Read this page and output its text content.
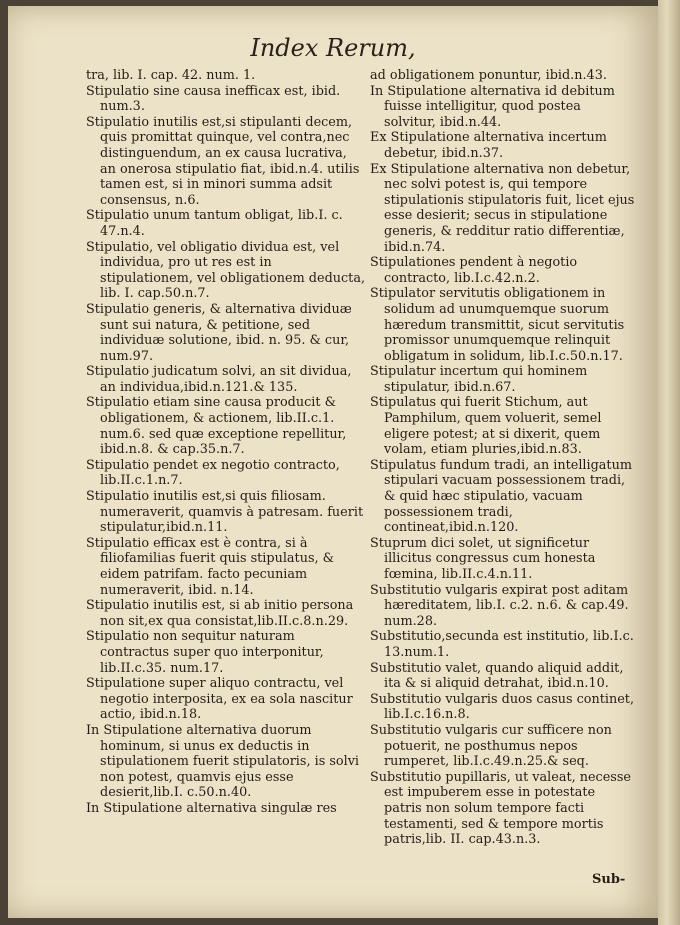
Index Rerum,

tra, lib. I. cap. 42. num. 1.

Stipulatio sine causa inefficax est, ibid. num.3.

Stipulatio inutilis est,si stipulanti decem, quis promittat quinque, vel contra,nec distinguendum, an ex causa lucrativa, an onerosa stipulatio fiat, ibid.n.4. utilis tamen est, si in minori summa adsit consensus, n.6.

Stipulatio unum tantum obligat, lib.I. c. 47.n.4.

Stipulatio, vel obligatio dividua est, vel individua, pro ut res est in stipulationem, vel obligationem deducta, lib. I. cap.50.n.7.

Stipulatio generis, & alternativa dividuæ sunt sui natura, & petitione, sed individuæ solutione, ibid. n. 95. & cur, num.97.

Stipulatio judicatum solvi, an sit dividua, an individua,ibid.n.121.& 135.

Stipulatio etiam sine causa producit & obligationem, & actionem, lib.II.c.1. num.6. sed quæ exceptione repellitur, ibid.n.8. & cap.35.n.7.

Stipulatio pendet ex negotio contracto, lib.II.c.1.n.7.

Stipulatio inutilis est,si quis filiosam. numeraverit, quamvis à patresam. fuerit stipulatur,ibid.n.11.

Stipulatio efficax est è contra, si à filiofamilias fuerit quis stipulatus, & eidem patrifam. facto pecuniam numeraverit, ibid. n.14.

Stipulatio inutilis est, si ab initio persona non sit,ex qua consistat,lib.II.c.8.n.29.

Stipulatio non sequitur naturam contractus super quo interponitur, lib.II.c.35. num.17.

Stipulatione super aliquo contractu, vel negotio interposita, ex ea sola nascitur actio, ibid.n.18.

In Stipulatione alternativa duorum hominum, si unus ex deductis in stipulationem fuerit stipulatoris, is solvi non potest, quamvis ejus esse desierit,lib.I. c.50.n.40.

In Stipulatione alternativa singulæ res

ad obligationem ponuntur, ibid.n.43.

In Stipulatione alternativa id debitum fuisse intelligitur, quod postea solvitur, ibid.n.44.

Ex Stipulatione alternativa incertum debetur, ibid.n.37.

Ex Stipulatione alternativa non debetur, nec solvi potest is, qui tempore stipulationis stipulatoris fuit, licet ejus esse desierit; secus in stipulatione generis, & redditur ratio differentiæ, ibid.n.74.

Stipulationes pendent à negotio contracto, lib.I.c.42.n.2.

Stipulator servitutis obligationem in solidum ad unumquemque suorum hæredum transmittit, sicut servitutis promissor unumquemque relinquit obligatum in solidum, lib.I.c.50.n.17.

Stipulatur incertum qui hominem stipulatur, ibid.n.67.

Stipulatus qui fuerit Stichum, aut Pamphilum, quem voluerit, semel eligere potest; at si dixerit, quem volam, etiam pluries,ibid.n.83.

Stipulatus fundum tradi, an intelligatum stipulari vacuam possessionem tradi, & quid hæc stipulatio, vacuam possessionem tradi, contineat,ibid.n.120.

Stuprum dici solet, ut significetur illicitus congressus cum honesta fœmina, lib.II.c.4.n.11.

Substitutio vulgaris expirat post aditam hæreditatem, lib.I. c.2. n.6. & cap.49. num.28.

Substitutio,secunda est institutio, lib.I.c. 13.num.1.

Substitutio valet, quando aliquid addit, ita & si aliquid detrahat, ibid.n.10.

Substitutio vulgaris duos casus continet, lib.I.c.16.n.8.

Substitutio vulgaris cur sufficere non potuerit, ne posthumus nepos rumperet, lib.I.c.49.n.25.& seq.

Substitutio pupillaris, ut valeat, necesse est impuberem esse in potestate patris non solum tempore facti testamenti, sed & tempore mortis patris,lib. II. cap.43.n.3.

Sub-
